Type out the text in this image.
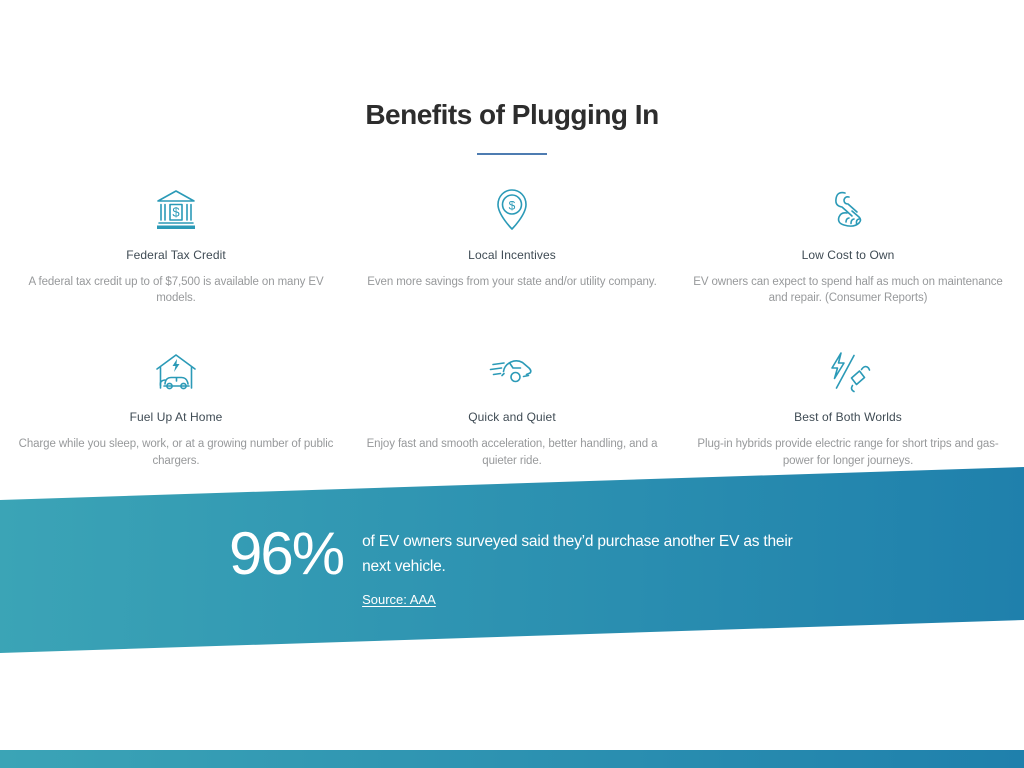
Benefits of Plugging In
$
Federal Tax Credit
A federal tax credit up to of $7,500 is available on many EV models.
$
Local Incentives
Even more savings from your state and/or utility company.
Low Cost to Own
EV owners can expect to spend half as much on maintenance and repair. (Consumer Reports)
Fuel Up At Home
Charge while you sleep, work, or at a growing number of public chargers.
Quick and Quiet
Enjoy fast and smooth acceleration, better handling, and a quieter ride.
Best of Both Worlds
Plug-in hybrids provide electric range for short trips and gas-power for longer journeys.
96% of EV owners surveyed said they’d purchase another EV as their next vehicle.
Source: AAA
